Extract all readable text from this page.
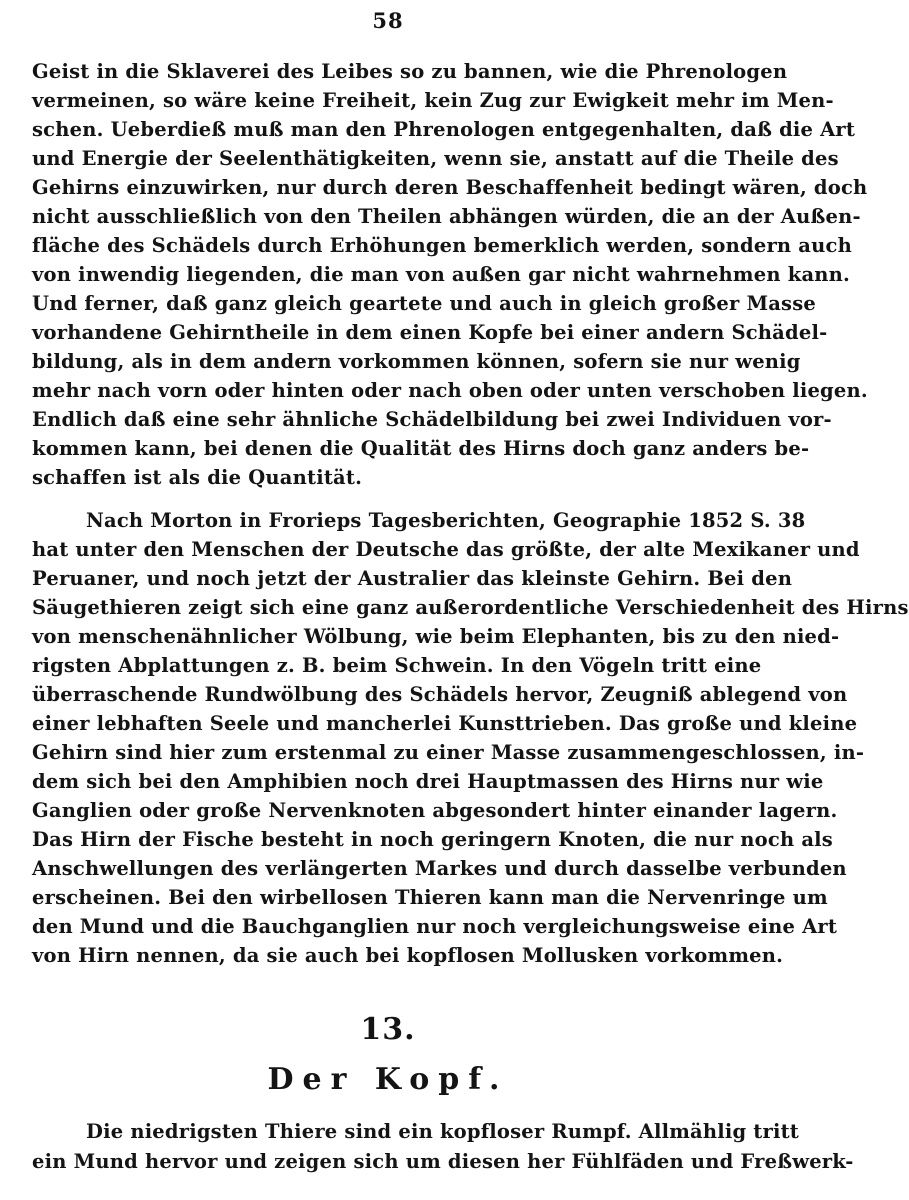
58
Geist in die Sklaverei des Leibes so zu bannen, wie die Phrenologen
vermeinen, so wäre keine Freiheit, kein Zug zur Ewigkeit mehr im Men-
schen. Ueberdieß muß man den Phrenologen entgegenhalten, daß die Art
und Energie der Seelenthätigkeiten, wenn sie, anstatt auf die Theile des
Gehirns einzuwirken, nur durch deren Beschaffenheit bedingt wären, doch
nicht ausschließlich von den Theilen abhängen würden, die an der Außen-
fläche des Schädels durch Erhöhungen bemerklich werden, sondern auch
von inwendig liegenden, die man von außen gar nicht wahrnehmen kann.
Und ferner, daß ganz gleich geartete und auch in gleich großer Masse
vorhandene Gehirntheile in dem einen Kopfe bei einer andern Schädel-
bildung, als in dem andern vorkommen können, sofern sie nur wenig
mehr nach vorn oder hinten oder nach oben oder unten verschoben liegen.
Endlich daß eine sehr ähnliche Schädelbildung bei zwei Individuen vor-
kommen kann, bei denen die Qualität des Hirns doch ganz anders be-
schaffen ist als die Quantität.
Nach Morton in Frorieps Tagesberichten, Geographie 1852 S. 38
hat unter den Menschen der Deutsche das größte, der alte Mexikaner und
Peruaner, und noch jetzt der Australier das kleinste Gehirn. Bei den
Säugethieren zeigt sich eine ganz außerordentliche Verschiedenheit des Hirns
von menschenähnlicher Wölbung, wie beim Elephanten, bis zu den nied-
rigsten Abplattungen z. B. beim Schwein. In den Vögeln tritt eine
überraschende Rundwölbung des Schädels hervor, Zeugniß ablegend von
einer lebhaften Seele und mancherlei Kunsttrieben. Das große und kleine
Gehirn sind hier zum erstenmal zu einer Masse zusammengeschlossen, in-
dem sich bei den Amphibien noch drei Hauptmassen des Hirns nur wie
Ganglien oder große Nervenknoten abgesondert hinter einander lagern.
Das Hirn der Fische besteht in noch geringern Knoten, die nur noch als
Anschwellungen des verlängerten Markes und durch dasselbe verbunden
erscheinen. Bei den wirbellosen Thieren kann man die Nervenringe um
den Mund und die Bauchganglien nur noch vergleichungsweise eine Art
von Hirn nennen, da sie auch bei kopflosen Mollusken vorkommen.
13.
Der Kopf.
Die niedrigsten Thiere sind ein kopfloser Rumpf. Allmählig tritt
ein Mund hervor und zeigen sich um diesen her Fühlfäden und Freßwerk-
